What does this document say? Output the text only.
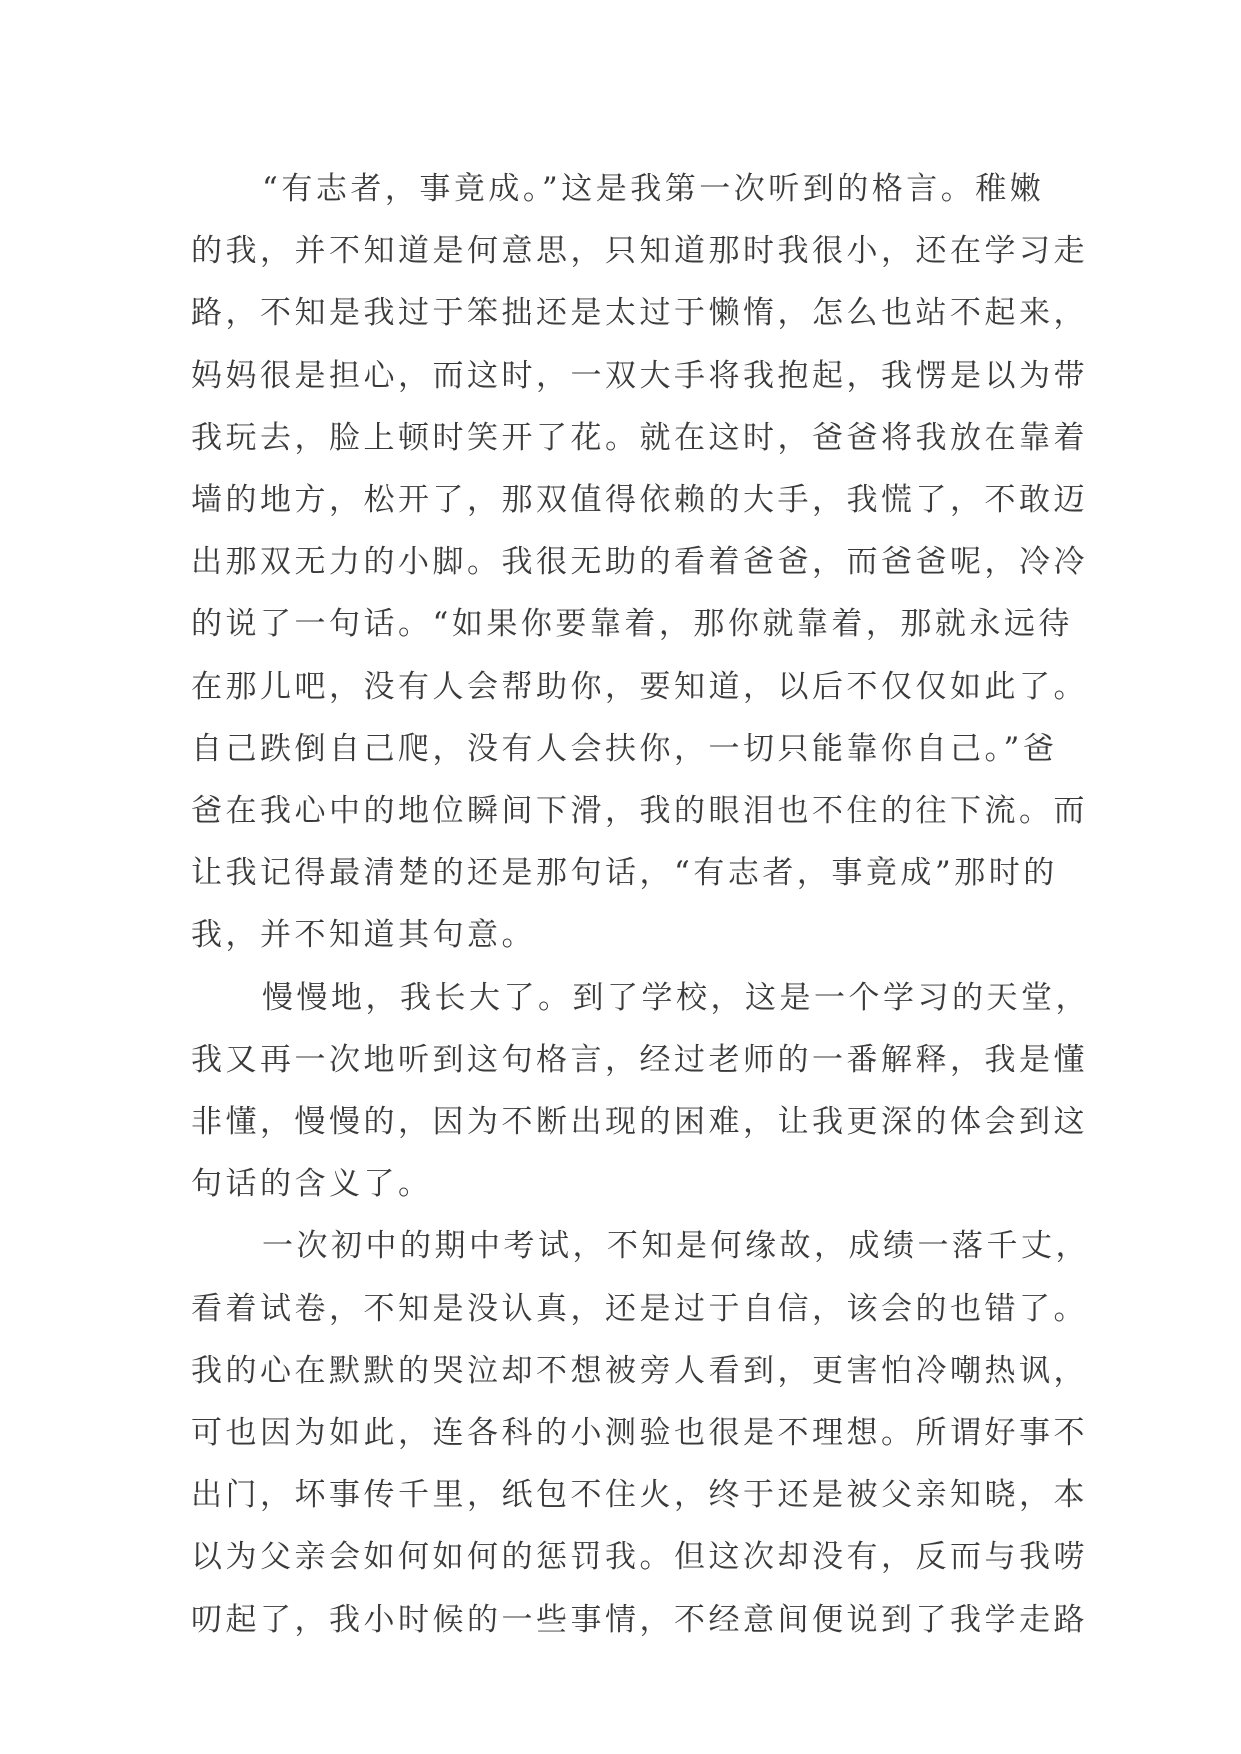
“有志者，事竟成。”这是我第一次听到的格言。稚嫩
的我，并不知道是何意思，只知道那时我很小，还在学习走
路，不知是我过于笨拙还是太过于懒惰，怎么也站不起来，
妈妈很是担心，而这时，一双大手将我抱起，我愣是以为带
我玩去，脸上顿时笑开了花。就在这时，爸爸将我放在靠着
墙的地方，松开了，那双值得依赖的大手，我慌了，不敢迈
出那双无力的小脚。我很无助的看着爸爸，而爸爸呢，冷冷
的说了一句话。“如果你要靠着，那你就靠着，那就永远待
在那儿吧，没有人会帮助你，要知道，以后不仅仅如此了。
自己跌倒自己爬，没有人会扶你，一切只能靠你自己。”爸
爸在我心中的地位瞬间下滑，我的眼泪也不住的往下流。而
让我记得最清楚的还是那句话，“有志者，事竟成”那时的
我，并不知道其句意。
慢慢地，我长大了。到了学校，这是一个学习的天堂，
我又再一次地听到这句格言，经过老师的一番解释，我是懂
非懂，慢慢的，因为不断出现的困难，让我更深的体会到这
句话的含义了。
一次初中的期中考试，不知是何缘故，成绩一落千丈，
看着试卷，不知是没认真，还是过于自信，该会的也错了。
我的心在默默的哭泣却不想被旁人看到，更害怕冷嘲热讽，
可也因为如此，连各科的小测验也很是不理想。所谓好事不
出门，坏事传千里，纸包不住火，终于还是被父亲知晓，本
以为父亲会如何如何的惩罚我。但这次却没有，反而与我唠
叨起了，我小时候的一些事情，不经意间便说到了我学走路
